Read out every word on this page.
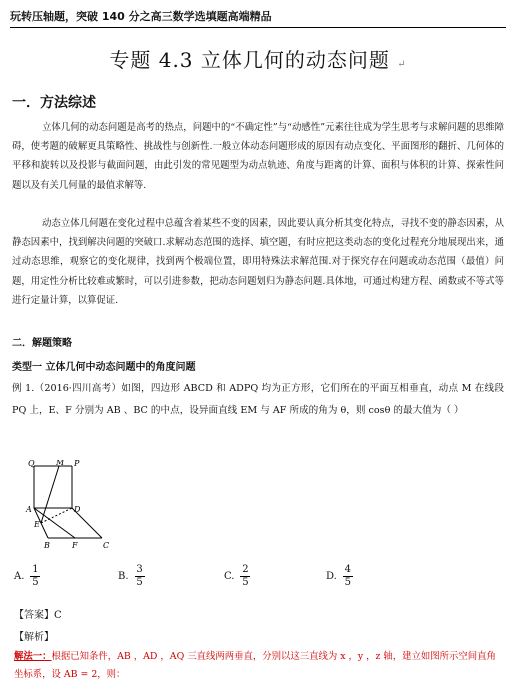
玩转压轴题，突破 140 分之高三数学选填题高端精品
专题 4.3 立体几何的动态问题 ↵
一．方法综述
立体几何的动态问题是高考的热点，问题中的“不确定性”与“动感性”元素往往成为学生思考与求解问题的思维障碍，使考题的破解更具策略性、挑战性与创新性.一般立体动态问题形成的原因有动点变化、平面图形的翻折、几何体的平移和旋转以及投影与截面问题，由此引发的常见题型为动点轨迹、角度与距离的计算、面积与体积的计算、探索性问题以及有关几何量的最值求解等.
动态立体几何题在变化过程中总蕴含着某些不变的因素，因此要认真分析其变化特点，寻找不变的静态因素，从静态因素中，找到解决问题的突破口.求解动态范围的选择、填空题，有时应把这类动态的变化过程充分地展现出来，通过动态思维，观察它的变化规律，找到两个极端位置，即用特殊法求解范围.对于探究存在问题或动态范围（最值）问题，用定性分析比较难或繁时，可以引进参数，把动态问题划归为静态问题.具体地，可通过构建方程、函数或不等式等进行定量计算，以算促证.
二．解题策略
类型一 立体几何中动态问题中的角度问题
例 1.（2016·四川高考）如图，四边形 ABCD 和 ADPQ 均为正方形，它们所在的平面互相垂直，动点 M 在线段 PQ 上，E、F 分别为 AB 、BC 的中点，设异面直线 EM 与 AF 所成的角为 θ，则 cosθ 的最大值为（ ）
Q	M P
A	D
E
B	F	C
A. $\frac{1}{5}$	B. $\frac{3}{5}$	C. $\frac{2}{5}$	D. $\frac{4}{5}$
【答案】C
【解析】
解法一：根据已知条件，AB ，AD ，AQ 三直线两两垂直，分别以这三直线为 x ，y ，z 轴，建立如图所示空间直角坐标系，设 AB = 2，则：
